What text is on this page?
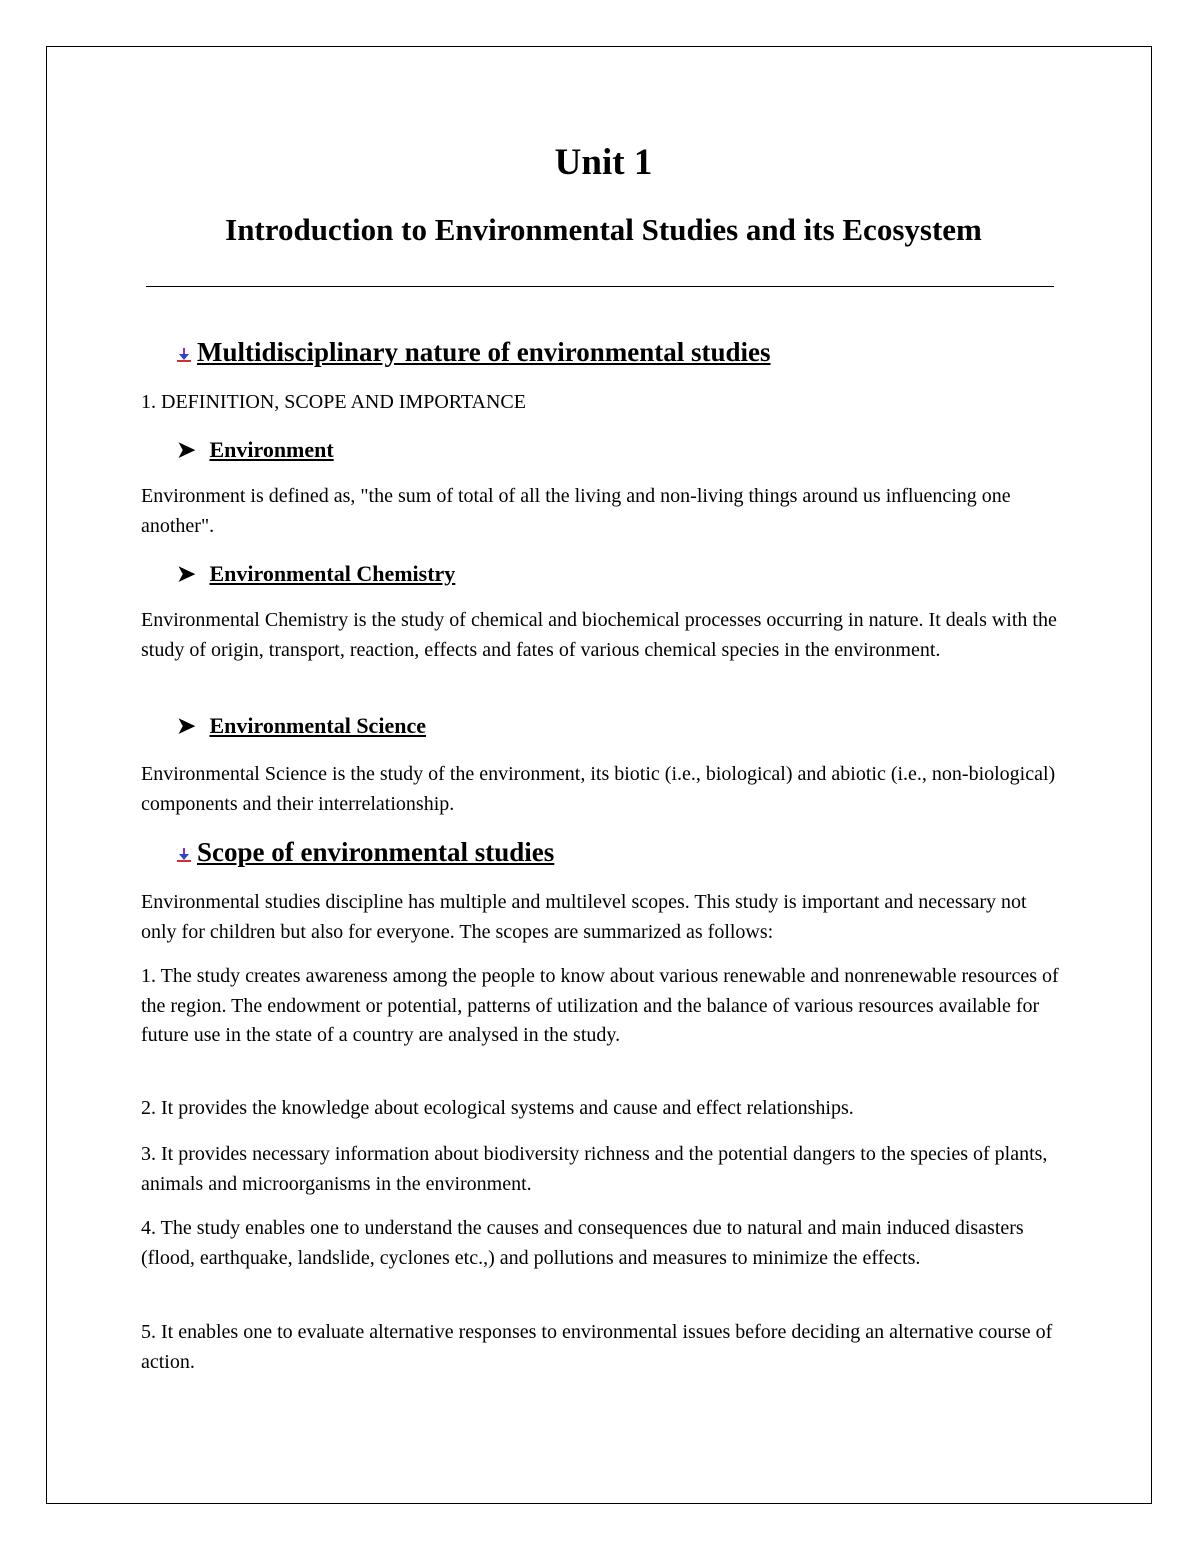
Unit 1
Introduction to Environmental Studies and its Ecosystem
Multidisciplinary nature of environmental studies

1. DEFINITION, SCOPE AND IMPORTANCE

➤ Environment

Environment is defined as, "the sum of total of all the living and non-living things around us influencing one another".

➤ Environmental Chemistry

Environmental Chemistry is the study of chemical and biochemical processes occurring in nature. It deals with the study of origin, transport, reaction, effects and fates of various chemical species in the environment.

➤ Environmental Science

Environmental Science is the study of the environment, its biotic (i.e., biological) and abiotic (i.e., non-biological) components and their interrelationship.

Scope of environmental studies

Environmental studies discipline has multiple and multilevel scopes. This study is important and necessary not only for children but also for everyone. The scopes are summarized as follows:

1. The study creates awareness among the people to know about various renewable and nonrenewable resources of the region. The endowment or potential, patterns of utilization and the balance of various resources available for future use in the state of a country are analysed in the study.

2. It provides the knowledge about ecological systems and cause and effect relationships.

3. It provides necessary information about biodiversity richness and the potential dangers to the species of plants, animals and microorganisms in the environment.

4. The study enables one to understand the causes and consequences due to natural and main induced disasters (flood, earthquake, landslide, cyclones etc.,) and pollutions and measures to minimize the effects.

5. It enables one to evaluate alternative responses to environmental issues before deciding an alternative course of action.
